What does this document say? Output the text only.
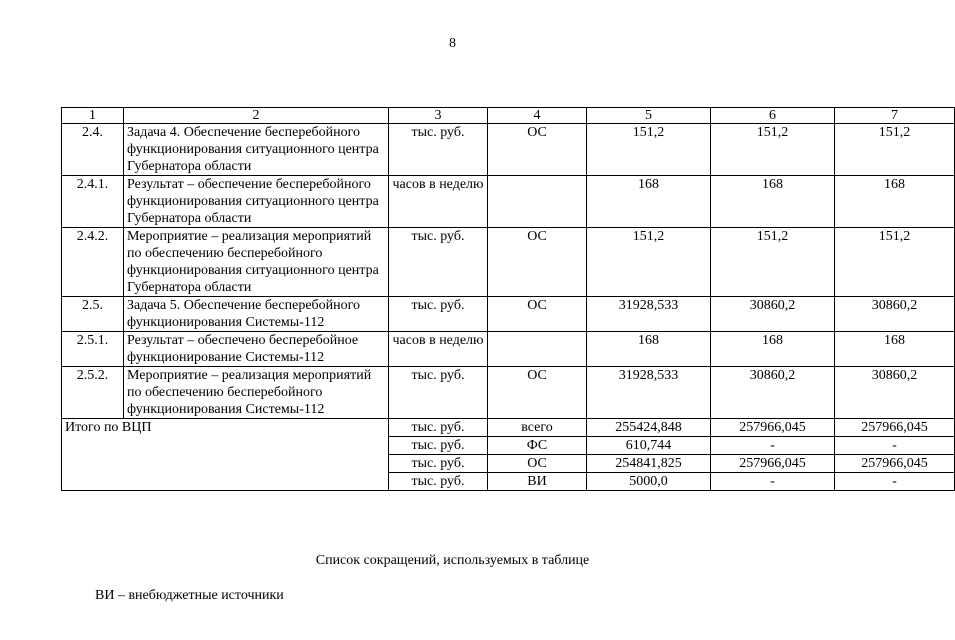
8
1	2	3	4	5	6	7
2.4.	Задача 4. Обеспечение бесперебойного функционирования ситуационного центра Губернатора области	тыс. руб.	ОС	151,2	151,2	151,2
2.4.1.	Результат – обеспечение бесперебойного функционирования ситуационного центра Губернатора области	часов в неделю		168	168	168
2.4.2.	Мероприятие – реализация мероприятий по обеспечению бесперебойного функционирования ситуационного центра Губернатора области	тыс. руб.	ОС	151,2	151,2	151,2
2.5.	Задача 5. Обеспечение бесперебойного функционирования Системы-112	тыс. руб.	ОС	31928,533	30860,2	30860,2
2.5.1.	Результат – обеспечено бесперебойное функционирование Системы-112	часов в неделю		168	168	168
2.5.2.	Мероприятие – реализация мероприятий по обеспечению бесперебойного функционирования Системы-112	тыс. руб.	ОС	31928,533	30860,2	30860,2
Итого по ВЦП		тыс. руб.	всего	255424,848	257966,045	257966,045
		тыс. руб.	ФС	610,744	-	-
		тыс. руб.	ОС	254841,825	257966,045	257966,045
		тыс. руб.	ВИ	5000,0	-	-
Список сокращений, используемых в таблице
ВИ – внебюджетные источники
